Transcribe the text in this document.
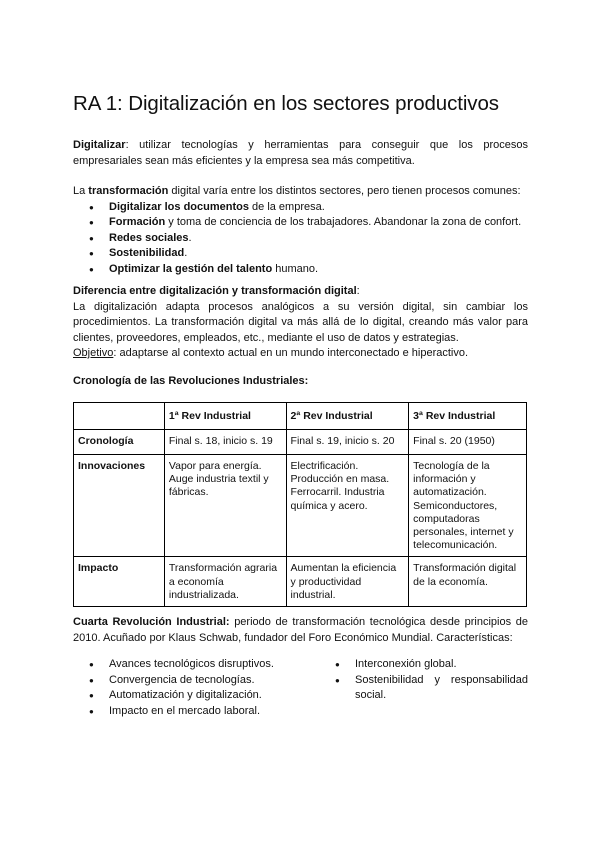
RA 1: Digitalización en los sectores productivos

Digitalizar: utilizar tecnologías y herramientas para conseguir que los procesos empresariales sean más eficientes y la empresa sea más competitiva.

La transformación digital varía entre los distintos sectores, pero tienen procesos comunes:
● Digitalizar los documentos de la empresa.
● Formación y toma de conciencia de los trabajadores. Abandonar la zona de confort.
● Redes sociales.
● Sostenibilidad.
● Optimizar la gestión del talento humano.
Diferencia entre digitalización y transformación digital:
La digitalización adapta procesos analógicos a su versión digital, sin cambiar los procedimientos. La transformación digital va más allá de lo digital, creando más valor para clientes, proveedores, empleados, etc., mediante el uso de datos y estrategias.
Objetivo: adaptarse al contexto actual en un mundo interconectado e hiperactivo.
Cronología de las Revoluciones Industriales:
	1ª Rev Industrial	2ª Rev Industrial	3ª Rev Industrial
Cronología	Final s. 18, inicio s. 19	Final s. 19, inicio s. 20	Final s. 20 (1950)
Innovaciones	Vapor para energía.
Auge industria textil y fábricas.	Electrificación.
Producción en masa.
Ferrocarril. Industria química y acero.	Tecnología de la información y automatización.
Semiconductores, computadoras personales, internet y telecomunicación.
Impacto	Transformación agraria a economía industrializada.	Aumentan la eficiencia y productividad industrial.	Transformación digital de la economía.

Cuarta Revolución Industrial: periodo de transformación tecnológica desde principios de 2010. Acuñado por Klaus Schwab, fundador del Foro Económico Mundial. Características:

● Avances tecnológicos disruptivos.
● Convergencia de tecnologías.
● Automatización y digitalización.
● Impacto en el mercado laboral.
● Interconexión global.
● Sostenibilidad y responsabilidad social.
